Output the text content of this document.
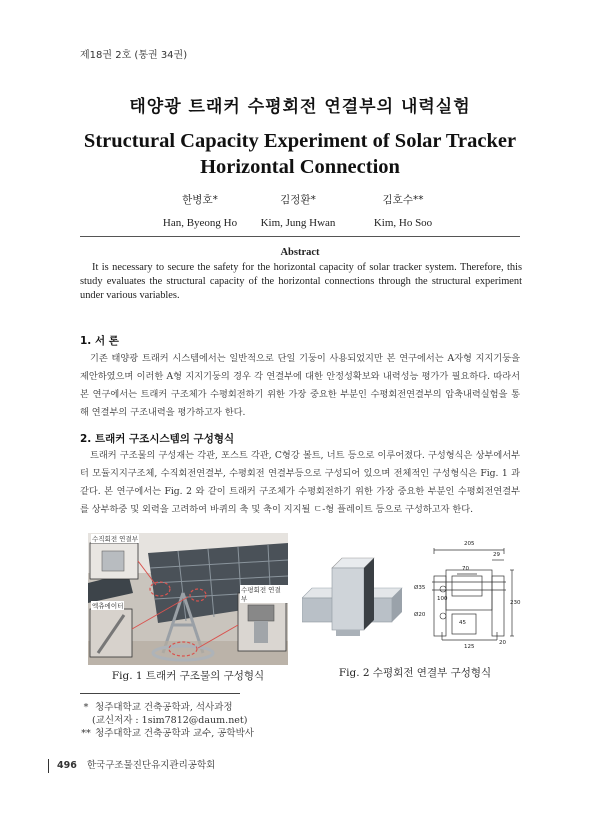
제18권 2호 (통권 34권)
태양광 트래커 수평회전 연결부의 내력실험
Structural Capacity Experiment of Solar Tracker
Horizontal Connection
한병호*
Han, Byeong Ho
김정환*
Kim, Jung Hwan
김호수**
Kim, Ho Soo
Abstract
It is necessary to secure the safety for the horizontal capacity of solar tracker system. Therefore, this study evaluates the structural capacity of the horizontal connections through the structural experiment under various variables.
1. 서 론
기존 태양광 트래커 시스템에서는 일반적으로 단일 기둥이 사용되었지만 본 연구에서는 A자형 지지기둥을 제안하였으며 이러한 A형 지지기둥의 경우 각 연결부에 대한 안정성확보와 내력성능 평가가 필요하다. 따라서 본 연구에서는 트래커 구조체가 수평회전하기 위한 가장 중요한 부분인 수평회전연결부의 압축내력실험을 통해 연결부의 구조내력을 평가하고자 한다.
2. 트래커 구조시스템의 구성형식
트래커 구조물의 구성재는 각관, 포스트 각관, C형강 볼트, 너트 등으로 이루어졌다. 구성형식은 상부에서부터 모듈지지구조체, 수직회전연결부, 수평회전 연결부등으로 구성되어 있으며 전체적인 구성형식은 Fig. 1 과 같다. 본 연구에서는 Fig. 2 와 같이 트래커 구조체가 수평회전하기 위한 가장 중요한 부분인 수평회전연결부를 상부하중 및 외력을 고려하여 바퀴의 축 및 축이 지지될 ㄷ-형 플레이트 등으로 구성하고자 한다.
수직회전 연결부
엑츄에이터
수평회전 연결부
Fig. 1 트래커 구조물의 구성형식
205
29
70
100
230
45
20
125
Ø35
Ø20
Fig. 2 수평회전 연결부 구성형식
* 청주대학교 건축공학과, 석사과정
(교신저자 : 1sim7812@daum.net)
** 청주대학교 건축공학과 교수, 공학박사
496 한국구조물진단유지관리공학회
